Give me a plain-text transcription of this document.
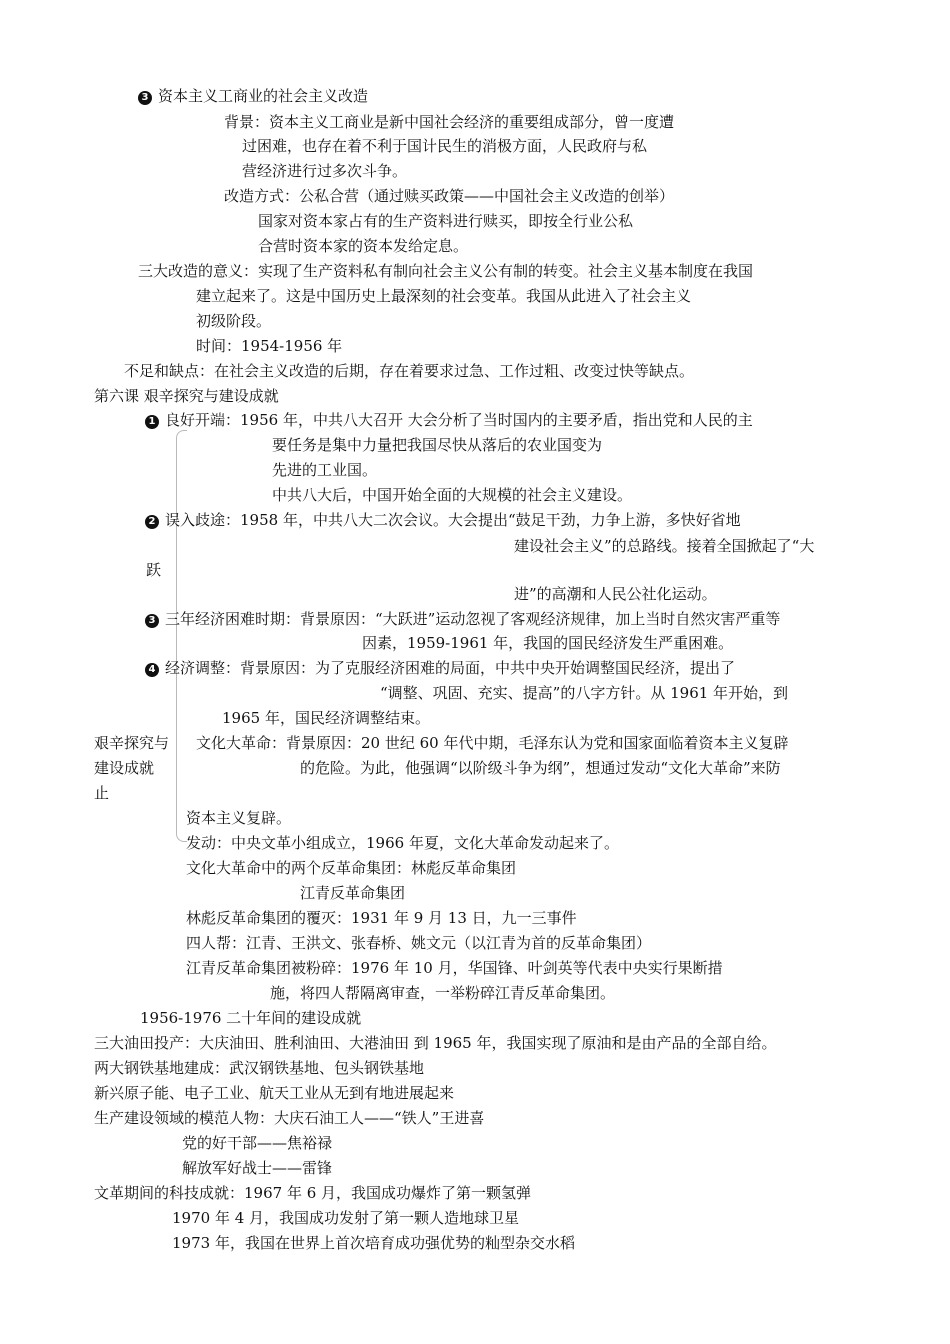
3 资本主义工商业的社会主义改造
背景：资本主义工商业是新中国社会经济的重要组成部分，曾一度遭
过困难，也存在着不利于国计民生的消极方面，人民政府与私
营经济进行过多次斗争。
改造方式：公私合营（通过赎买政策——中国社会主义改造的创举）
国家对资本家占有的生产资料进行赎买，即按全行业公私
合营时资本家的资本发给定息。
三大改造的意义：实现了生产资料私有制向社会主义公有制的转变。社会主义基本制度在我国
建立起来了。这是中国历史上最深刻的社会变革。我国从此进入了社会主义
初级阶段。
时间：1954-1956 年
不足和缺点：在社会主义改造的后期，存在着要求过急、工作过粗、改变过快等缺点。
第六课 艰辛探究与建设成就
1 良好开端：1956 年，中共八大召开 大会分析了当时国内的主要矛盾，指出党和人民的主
要任务是集中力量把我国尽快从落后的农业国变为
先进的工业国。
中共八大后，中国开始全面的大规模的社会主义建设。
2 误入歧途：1958 年，中共八大二次会议。大会提出“鼓足干劲，力争上游，多快好省地
建设社会主义”的总路线。接着全国掀起了“大
跃
进”的高潮和人民公社化运动。
3 三年经济困难时期：背景原因：“大跃进”运动忽视了客观经济规律，加上当时自然灾害严重等
因素，1959-1961 年，我国的国民经济发生严重困难。
4 经济调整：背景原因：为了克服经济困难的局面，中共中央开始调整国民经济，提出了
“调整、巩固、充实、提高”的八字方针。从 1961 年开始，到
1965 年，国民经济调整结束。
艰辛探究与 文化大革命：背景原因：20 世纪 60 年代中期，毛泽东认为党和国家面临着资本主义复辟
建设成就	的危险。为此，他强调“以阶级斗争为纲”，想通过发动“文化大革命”来防
止
资本主义复辟。
发动：中央文革小组成立，1966 年夏，文化大革命发动起来了。
文化大革命中的两个反革命集团：林彪反革命集团
江青反革命集团
林彪反革命集团的覆灭：1931 年 9 月 13 日，九一三事件
四人帮：江青、王洪文、张春桥、姚文元（以江青为首的反革命集团）
江青反革命集团被粉碎：1976 年 10 月，华国锋、叶剑英等代表中央实行果断措
施，将四人帮隔离审查，一举粉碎江青反革命集团。
1956-1976 二十年间的建设成就
三大油田投产：大庆油田、胜利油田、大港油田 到 1965 年，我国实现了原油和是由产品的全部自给。
两大钢铁基地建成：武汉钢铁基地、包头钢铁基地
新兴原子能、电子工业、航天工业从无到有地进展起来
生产建设领域的模范人物：大庆石油工人——“铁人”王进喜
党的好干部——焦裕禄
解放军好战士——雷锋
文革期间的科技成就：1967 年 6 月，我国成功爆炸了第一颗氢弹
1970 年 4 月，我国成功发射了第一颗人造地球卫星
1973 年，我国在世界上首次培育成功强优势的籼型杂交水稻
